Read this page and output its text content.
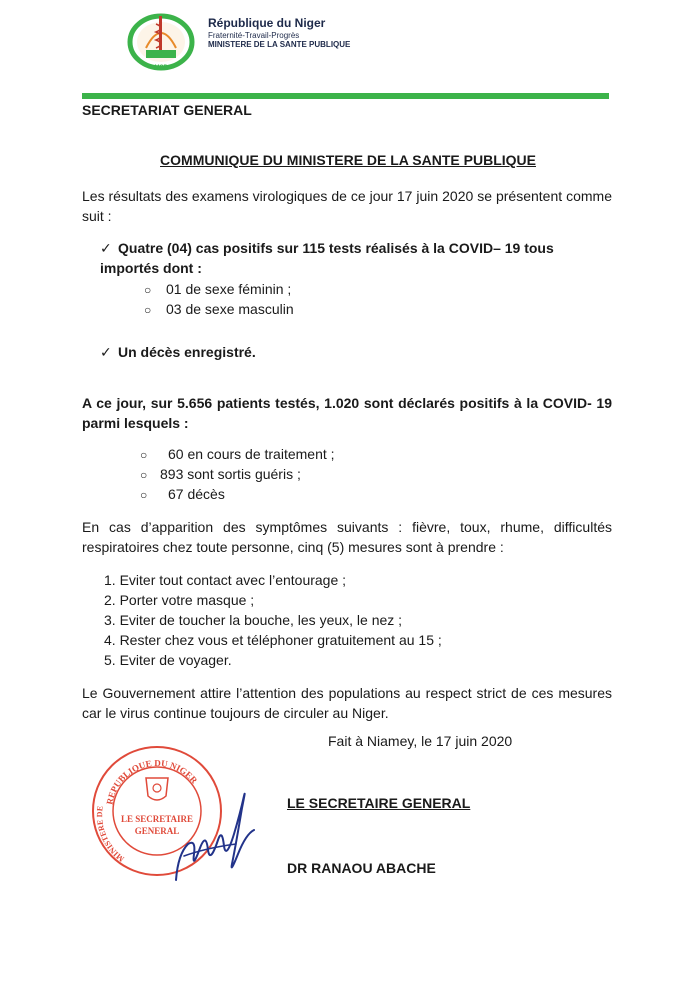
MSP
République du Niger
Fraternité-Travail-Progrès
MINISTERE DE LA SANTE PUBLIQUE
SECRETARIAT GENERAL
COMMUNIQUE DU MINISTERE DE LA SANTE PUBLIQUE
Les résultats des examens virologiques de ce jour 17 juin 2020 se présentent comme suit :
✓ Quatre (04) cas positifs sur 115 tests réalisés à la COVID– 19 tous importés dont :
○ 01 de sexe féminin ;
○ 03 de sexe masculin
✓ Un décès enregistré.
A ce jour, sur 5.656 patients testés, 1.020 sont déclarés positifs à la COVID- 19 parmi lesquels :
○ 60 en cours de traitement ;
○ 893 sont sortis guéris ;
○ 67 décès
En cas d’apparition des symptômes suivants : fièvre, toux, rhume, difficultés respiratoires chez toute personne, cinq (5) mesures sont à prendre :
1. Eviter tout contact avec l’entourage ;
2. Porter votre masque ;
3. Eviter de toucher la bouche, les yeux, le nez ;
4. Rester chez vous et téléphoner gratuitement au 15 ;
5. Eviter de voyager.
Le Gouvernement attire l’attention des populations au respect strict de ces mesures car le virus continue toujours de circuler au Niger.
Fait à Niamey, le 17 juin 2020
REPUBLIQUE DU NIGER
MINISTERE DE
LE SECRETAIRE
GENERAL
LE SECRETAIRE GENERAL
DR RANAOU ABACHE
